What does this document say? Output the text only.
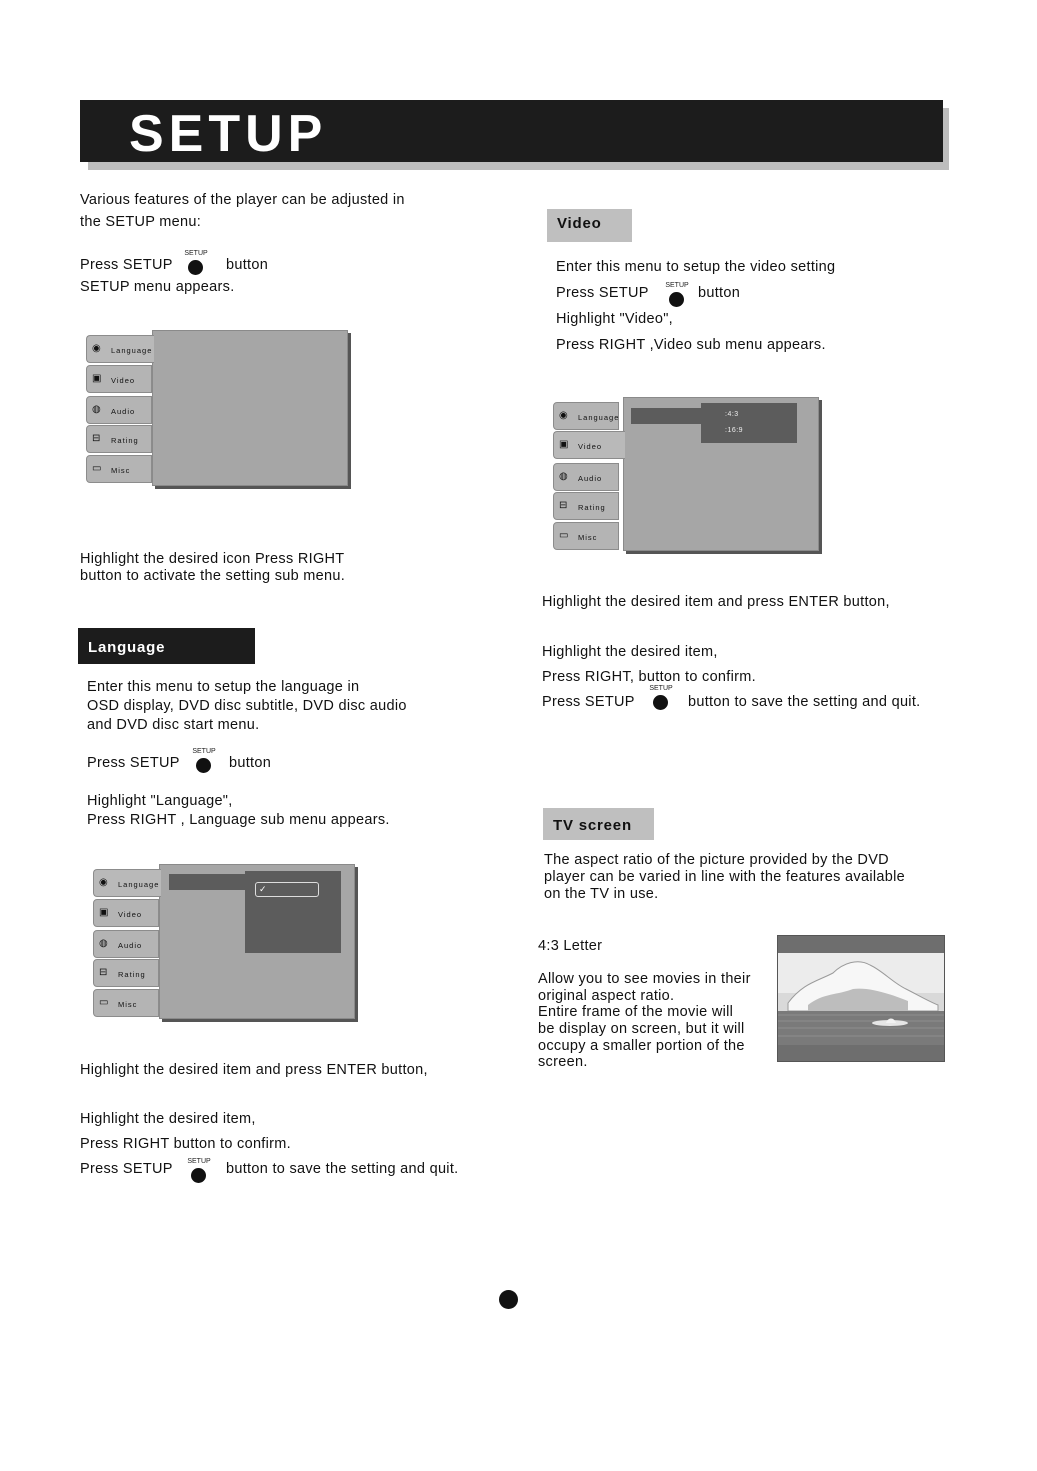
SETUP
Various features of the player can be adjusted in
the SETUP menu:
Press SETUP
SETUP
button
SETUP menu appears.
◉ Language
▣ Video
◍ Audio
⊟ Rating
▭ Misc
Highlight the desired icon Press RIGHT
button to activate the setting sub menu.
Language
Enter this menu to setup the language in
OSD display, DVD disc subtitle, DVD disc audio
and DVD disc start menu.
Press SETUP
SETUP
button
Highlight "Language",
Press RIGHT , Language sub menu appears.
✓
◉ Language
▣ Video
◍ Audio
⊟ Rating
▭ Misc
Highlight the desired item and press ENTER button,
Highlight the desired item,
Press RIGHT button to confirm.
Press SETUP	SETUP button to save the setting and quit.
Video
Enter this menu to setup the video setting
Press SETUP	SETUP button
Highlight "Video",
Press RIGHT ,Video sub menu appears.
:4:3
:16:9
◉ Language
▣ Video
◍ Audio
⊟ Rating
▭ Misc
Highlight the desired item and press ENTER button,
Highlight the desired item,
Press RIGHT, button to confirm.
Press SETUP
SETUP
button to save the setting and quit.
TV screen
The aspect ratio of the picture provided by the DVD
player can be varied in line with the features available
on the TV in use.
4:3 Letter
Allow you to see movies in their
original aspect ratio.
Entire frame of the movie will
be display on screen, but it will
occupy a smaller portion of the
screen.
